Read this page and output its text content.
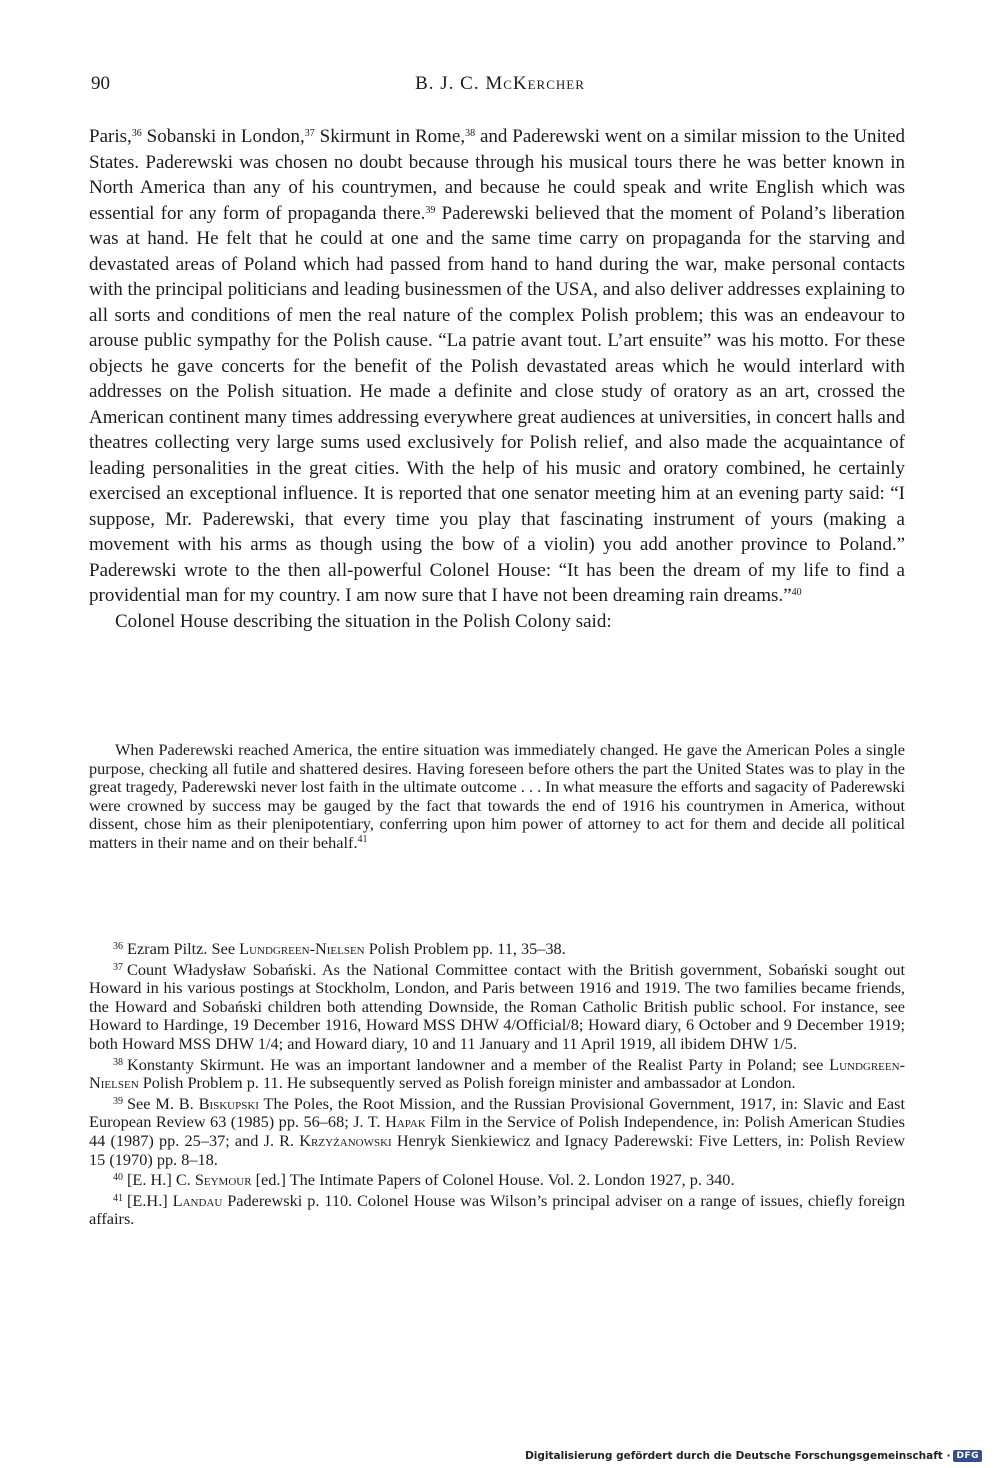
90	B. J. C. McKercher

Paris,$^{36}$ Sobanski in London,$^{37}$ Skirmunt in Rome,$^{38}$ and Paderewski went on a similar mission to the United States. Paderewski was chosen no doubt because through his musical tours there he was better known in North America than any of his countrymen, and because he could speak and write English which was essential for any form of propaganda there.$^{39}$ Paderewski believed that the moment of Poland’s liberation was at hand. He felt that he could at one and the same time carry on propaganda for the starving and devastated areas of Poland which had passed from hand to hand during the war, make personal contacts with the principal politicians and leading businessmen of the USA, and also deliver addresses explaining to all sorts and conditions of men the real nature of the complex Polish problem; this was an endeavour to arouse public sympathy for the Polish cause. “La patrie avant tout. L’art ensuite” was his motto. For these objects he gave concerts for the benefit of the Polish devastated areas which he would interlard with addresses on the Polish situation. He made a definite and close study of oratory as an art, crossed the American continent many times addressing everywhere great audiences at universities, in concert halls and theatres collecting very large sums used exclusively for Polish relief, and also made the acquaintance of leading personalities in the great cities. With the help of his music and oratory combined, he certainly exercised an exceptional influence. It is reported that one senator meeting him at an evening party said: “I suppose, Mr. Paderewski, that every time you play that fascinating instrument of yours (making a movement with his arms as though using the bow of a violin) you add another province to Poland.” Paderewski wrote to the then all-powerful Colonel House: “It has been the dream of my life to find a providential man for my country. I am now sure that I have not been dreaming rain dreams.”$^{40}$

Colonel House describing the situation in the Polish Colony said:

When Paderewski reached America, the entire situation was immediately changed. He gave the American Poles a single purpose, checking all futile and shattered desires. Having foreseen before others the part the United States was to play in the great tragedy, Paderewski never lost faith in the ultimate outcome . . . In what measure the efforts and sagacity of Paderewski were crowned by success may be gauged by the fact that towards the end of 1916 his countrymen in America, without dissent, chose him as their plenipotentiary, conferring upon him power of attorney to act for them and decide all political matters in their name and on their behalf.$^{41}$

$^{36}$ Ezram Piltz. See Lundgreen-Nielsen Polish Problem pp. 11, 35–38.

$^{37}$ Count Władysław Sobański. As the National Committee contact with the British government, Sobański sought out Howard in his various postings at Stockholm, London, and Paris between 1916 and 1919. The two families became friends, the Howard and Sobański children both attending Downside, the Roman Catholic British public school. For instance, see Howard to Hardinge, 19 December 1916, Howard MSS DHW 4/Official/8; Howard diary, 6 October and 9 December 1919; both Howard MSS DHW 1/4; and Howard diary, 10 and 11 January and 11 April 1919, all ibidem DHW 1/5.

$^{38}$ Konstanty Skirmunt. He was an important landowner and a member of the Realist Party in Poland; see Lundgreen-Nielsen Polish Problem p. 11. He subsequently served as Polish foreign minister and ambassador at London.

$^{39}$ See M. B. Biskupski The Poles, the Root Mission, and the Russian Provisional Government, 1917, in: Slavic and East European Review 63 (1985) pp. 56–68; J. T. Hapak Film in the Service of Polish Independence, in: Polish American Studies 44 (1987) pp. 25–37; and J. R. Krzyżanowski Henryk Sienkiewicz and Ignacy Paderewski: Five Letters, in: Polish Review 15 (1970) pp. 8–18.

$^{40}$ [E. H.] C. Seymour [ed.] The Intimate Papers of Colonel House. Vol. 2. London 1927, p. 340.

$^{41}$ [E.H.] Landau Paderewski p. 110. Colonel House was Wilson’s principal adviser on a range of issues, chiefly foreign affairs.

Digitalisierung gefördert durch die Deutsche Forschungsgemeinschaft · DFG
